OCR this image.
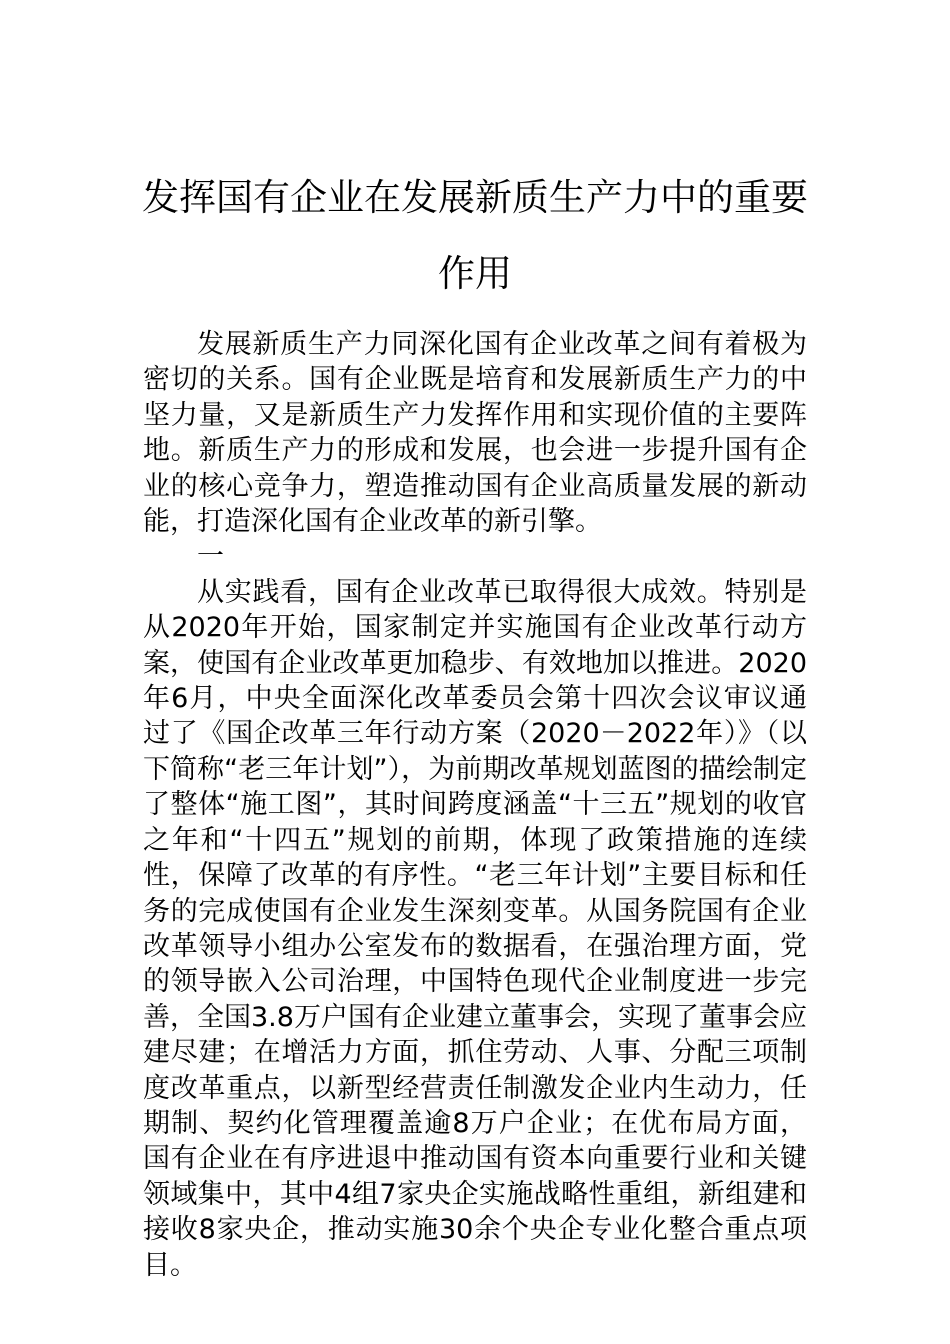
发挥国有企业在发展新质生产力中的重要作用

发展新质生产力同深化国有企业改革之间有着极为密切的关系。国有企业既是培育和发展新质生产力的中坚力量，又是新质生产力发挥作用和实现价值的主要阵地。新质生产力的形成和发展，也会进一步提升国有企业的核心竞争力，塑造推动国有企业高质量发展的新动能，打造深化国有企业改革的新引擎。

一

从实践看，国有企业改革已取得很大成效。特别是从2020年开始，国家制定并实施国有企业改革行动方案，使国有企业改革更加稳步、有效地加以推进。2020年6月，中央全面深化改革委员会第十四次会议审议通过了《国企改革三年行动方案（2020－2022年）》（以下简称“老三年计划”），为前期改革规划蓝图的描绘制定了整体“施工图”，其时间跨度涵盖“十三五”规划的收官之年和“十四五”规划的前期，体现了政策措施的连续性，保障了改革的有序性。“老三年计划”主要目标和任务的完成使国有企业发生深刻变革。从国务院国有企业改革领导小组办公室发布的数据看，在强治理方面，党的领导嵌入公司治理，中国特色现代企业制度进一步完善，全国3.8万户国有企业建立董事会，实现了董事会应建尽建；在增活力方面，抓住劳动、人事、分配三项制度改革重点，以新型经营责任制激发企业内生动力，任期制、契约化管理覆盖逾8万户企业；在优布局方面，国有企业在有序进退中推动国有资本向重要行业和关键领域集中，其中4组7家央企实施战略性重组，新组建和接收8家央企，推动实施30余个央企专业化整合重点项目。
